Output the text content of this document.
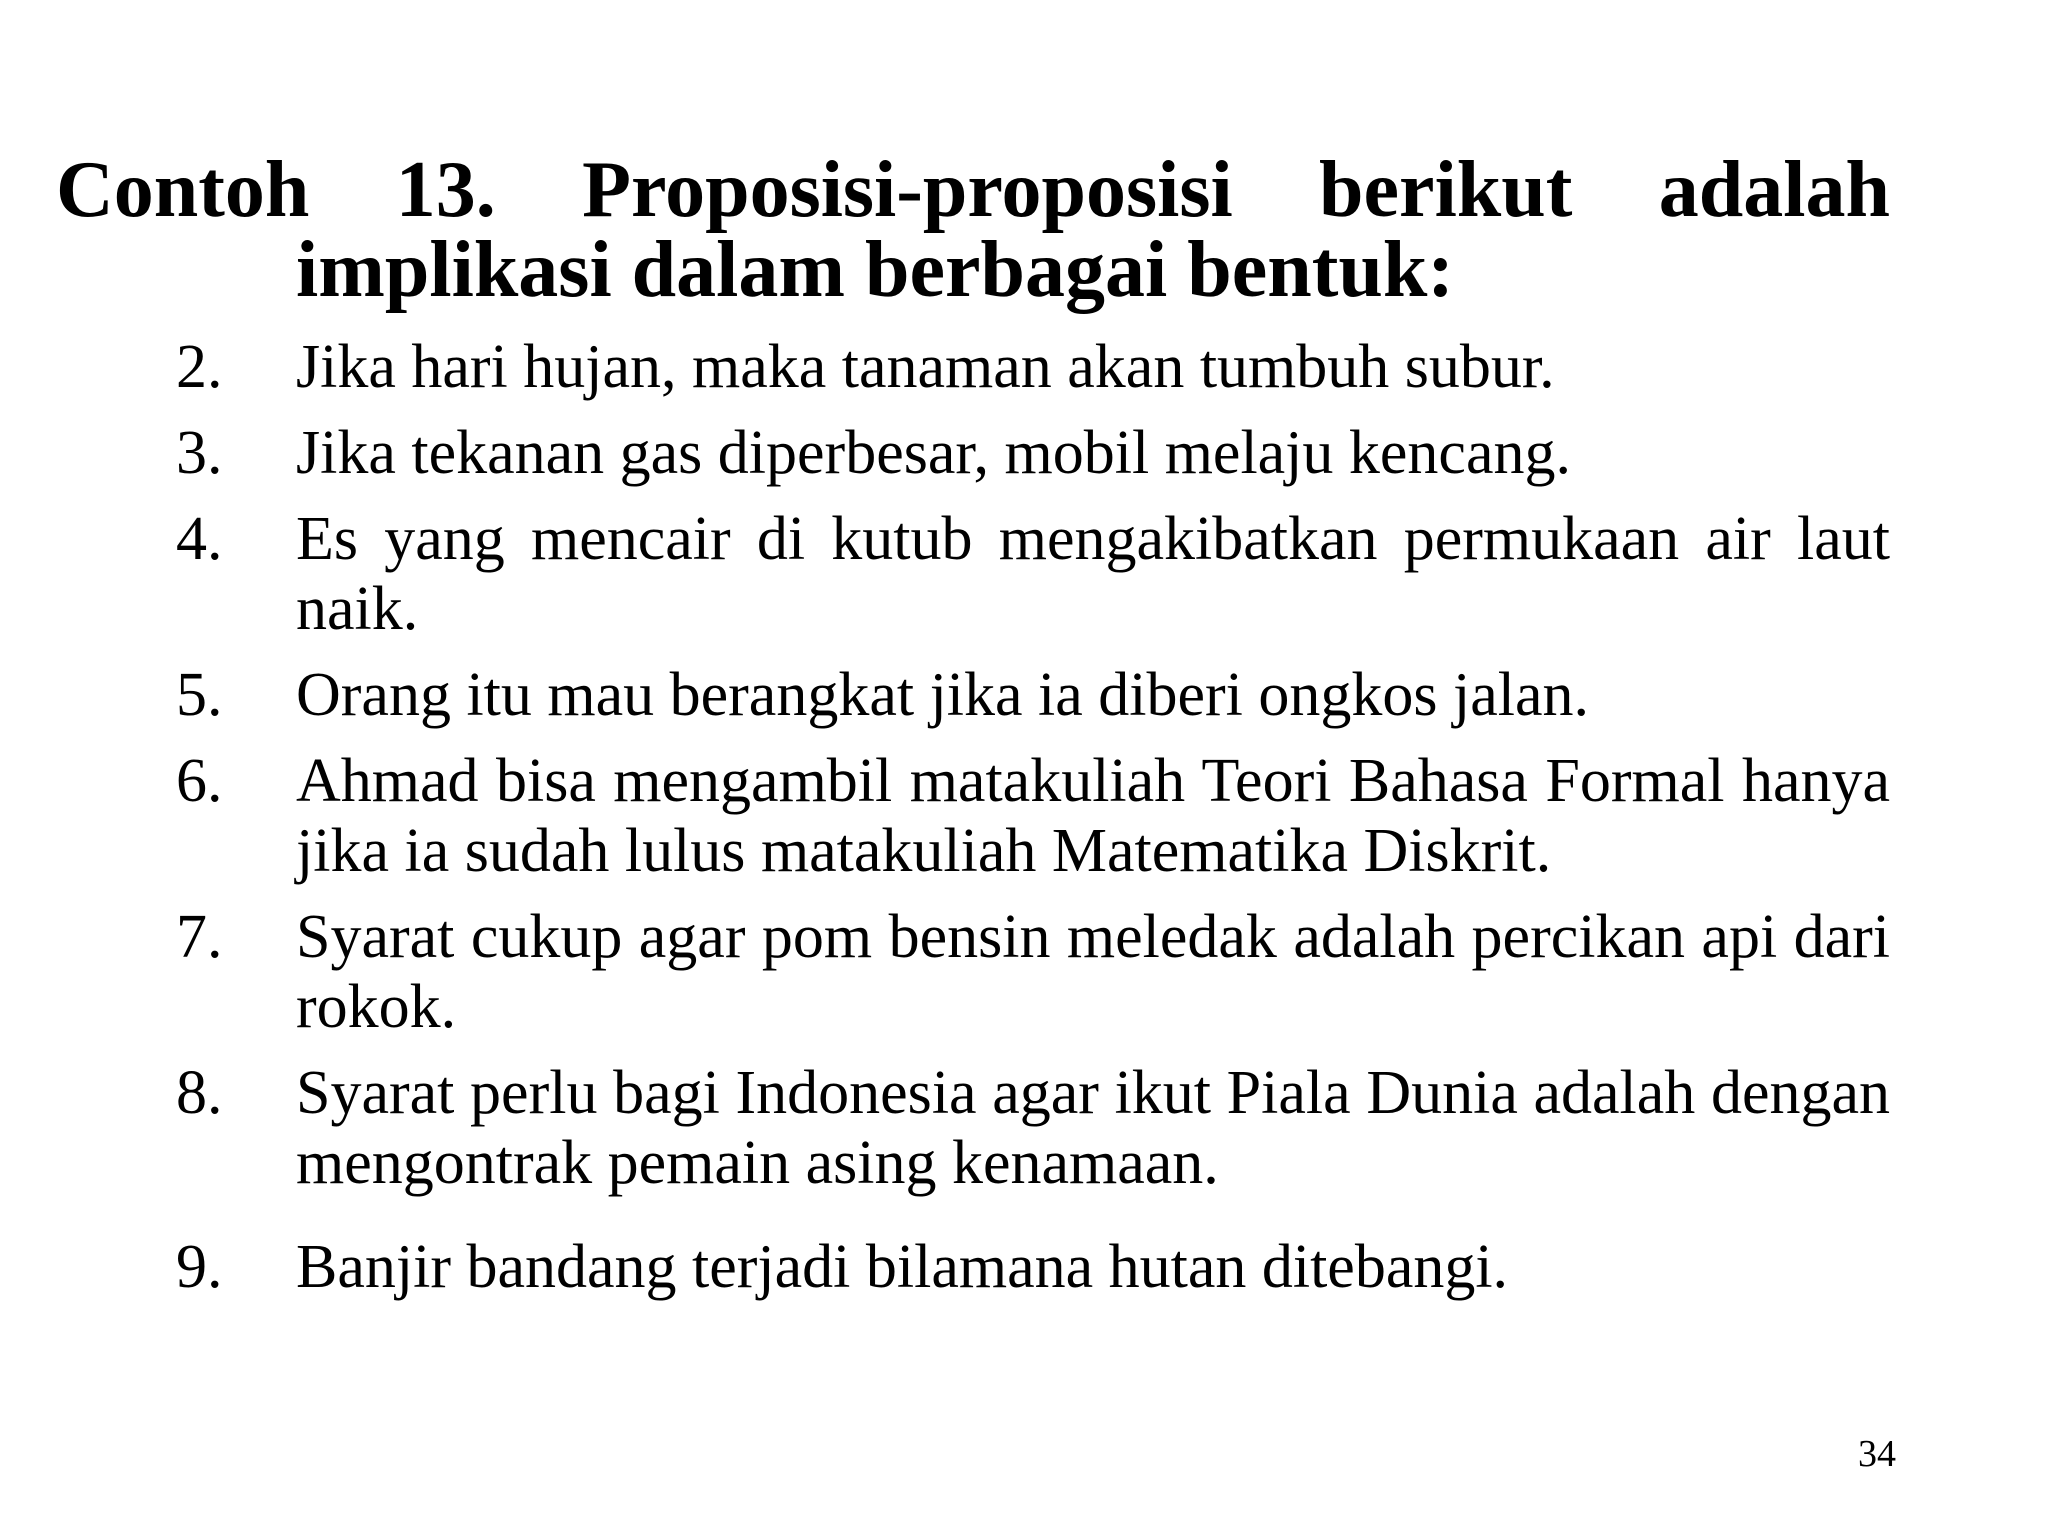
Contoh 13. Proposisi-proposisi berikut adalah
implikasi dalam berbagai bentuk:
2. Jika hari hujan, maka tanaman akan tumbuh subur.
3. Jika tekanan gas diperbesar, mobil melaju kencang.
4. Es yang mencair di kutub mengakibatkan permukaan air laut naik.
5. Orang itu mau berangkat jika ia diberi ongkos jalan.
6. Ahmad bisa mengambil matakuliah Teori Bahasa Formal hanya jika ia sudah lulus matakuliah Matematika Diskrit.
7. Syarat cukup agar pom bensin meledak adalah percikan api dari rokok.
8. Syarat perlu bagi Indonesia agar ikut Piala Dunia adalah dengan mengontrak pemain asing kenamaan.
9. Banjir bandang terjadi bilamana hutan ditebangi.
34
